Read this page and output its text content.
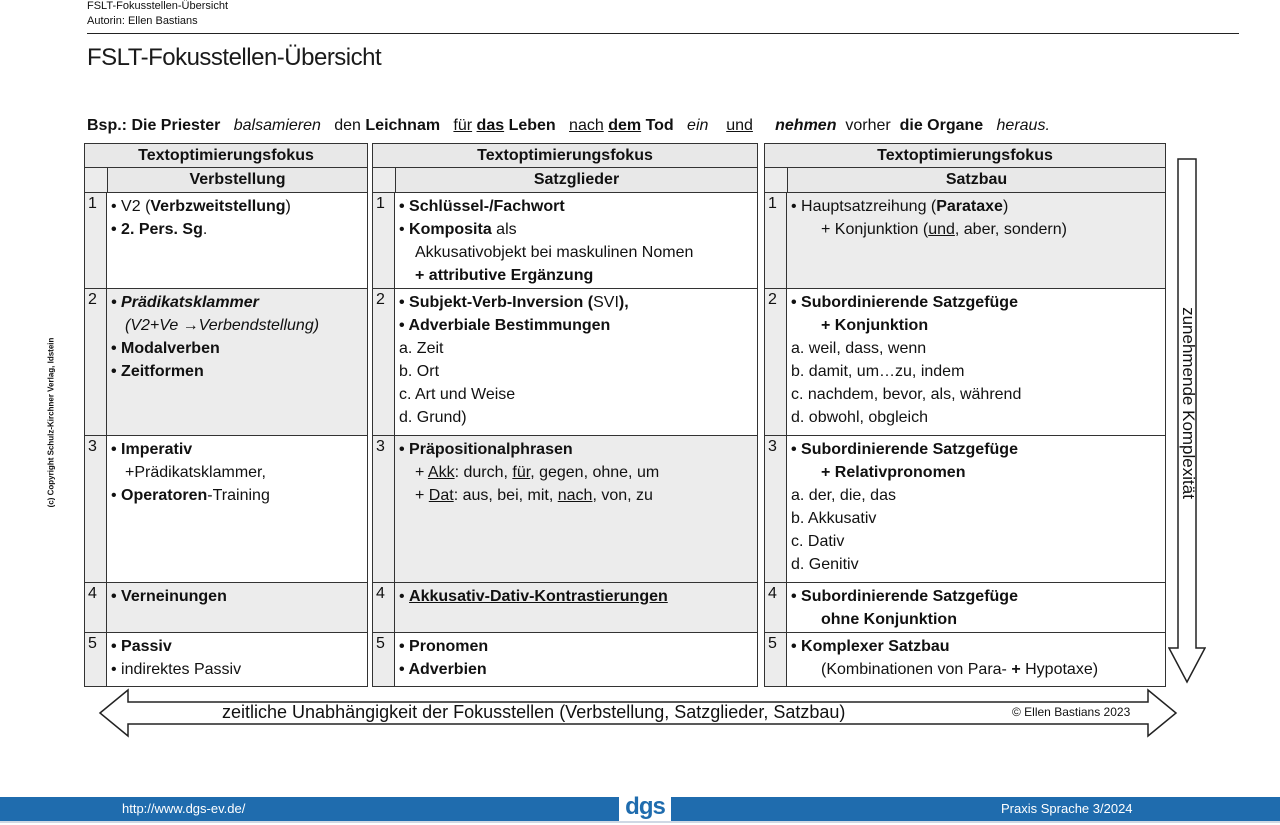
FSLT-Fokusstellen-Übersicht
Autorin: Ellen Bastians
FSLT-Fokusstellen-Übersicht
Bsp.: Die Priester balsamieren den Leichnam für das Leben nach dem Tod ein und nehmen vorher die Organe heraus.
Textoptimierungsfokus
Verbstellung
1 • V2 (Verbzweitstellung)
• 2. Pers. Sg.
2 • Prädikatsklammer
(V2+Ve →Verbendstellung)
• Modalverben
• Zeitformen
3 • Imperativ
+Prädikatsklammer,
• Operatoren-Training
4 • Verneinungen
5 • Passiv
• indirektes Passiv
Textoptimierungsfokus
Satzglieder
1 • Schlüssel-/Fachwort
• Komposita als
Akkusativobjekt bei maskulinen Nomen
+ attributive Ergänzung
2 • Subjekt-Verb-Inversion (SVI),
• Adverbiale Bestimmungen
a. Zeit
b. Ort
c. Art und Weise
d. Grund)
3 • Präpositionalphrasen
+ Akk: durch, für, gegen, ohne, um
+ Dat: aus, bei, mit, nach, von, zu
4 • Akkusativ-Dativ-Kontrastierungen
5 • Pronomen
• Adverbien
Textoptimierungsfokus
Satzbau
1 • Hauptsatzreihung (Parataxe)
+ Konjunktion (und, aber, sondern)
2 • Subordinierende Satzgefüge
+ Konjunktion
a. weil, dass, wenn
b. damit, um…zu, indem
c. nachdem, bevor, als, während
d. obwohl, obgleich
3 • Subordinierende Satzgefüge
+ Relativpronomen
a. der, die, das
b. Akkusativ
c. Dativ
d. Genitiv
4 • Subordinierende Satzgefüge
ohne Konjunktion
5 • Komplexer Satzbau
(Kombinationen von Para- + Hypotaxe)
zunehmende Komplexität
zeitliche Unabhängigkeit der Fokusstellen (Verbstellung, Satzglieder, Satzbau)	© Ellen Bastians 2023
(c) Copyright Schulz-Kirchner Verlag, Idstein
http://www.dgs-ev.de/	dgs	Praxis Sprache 3/2024
